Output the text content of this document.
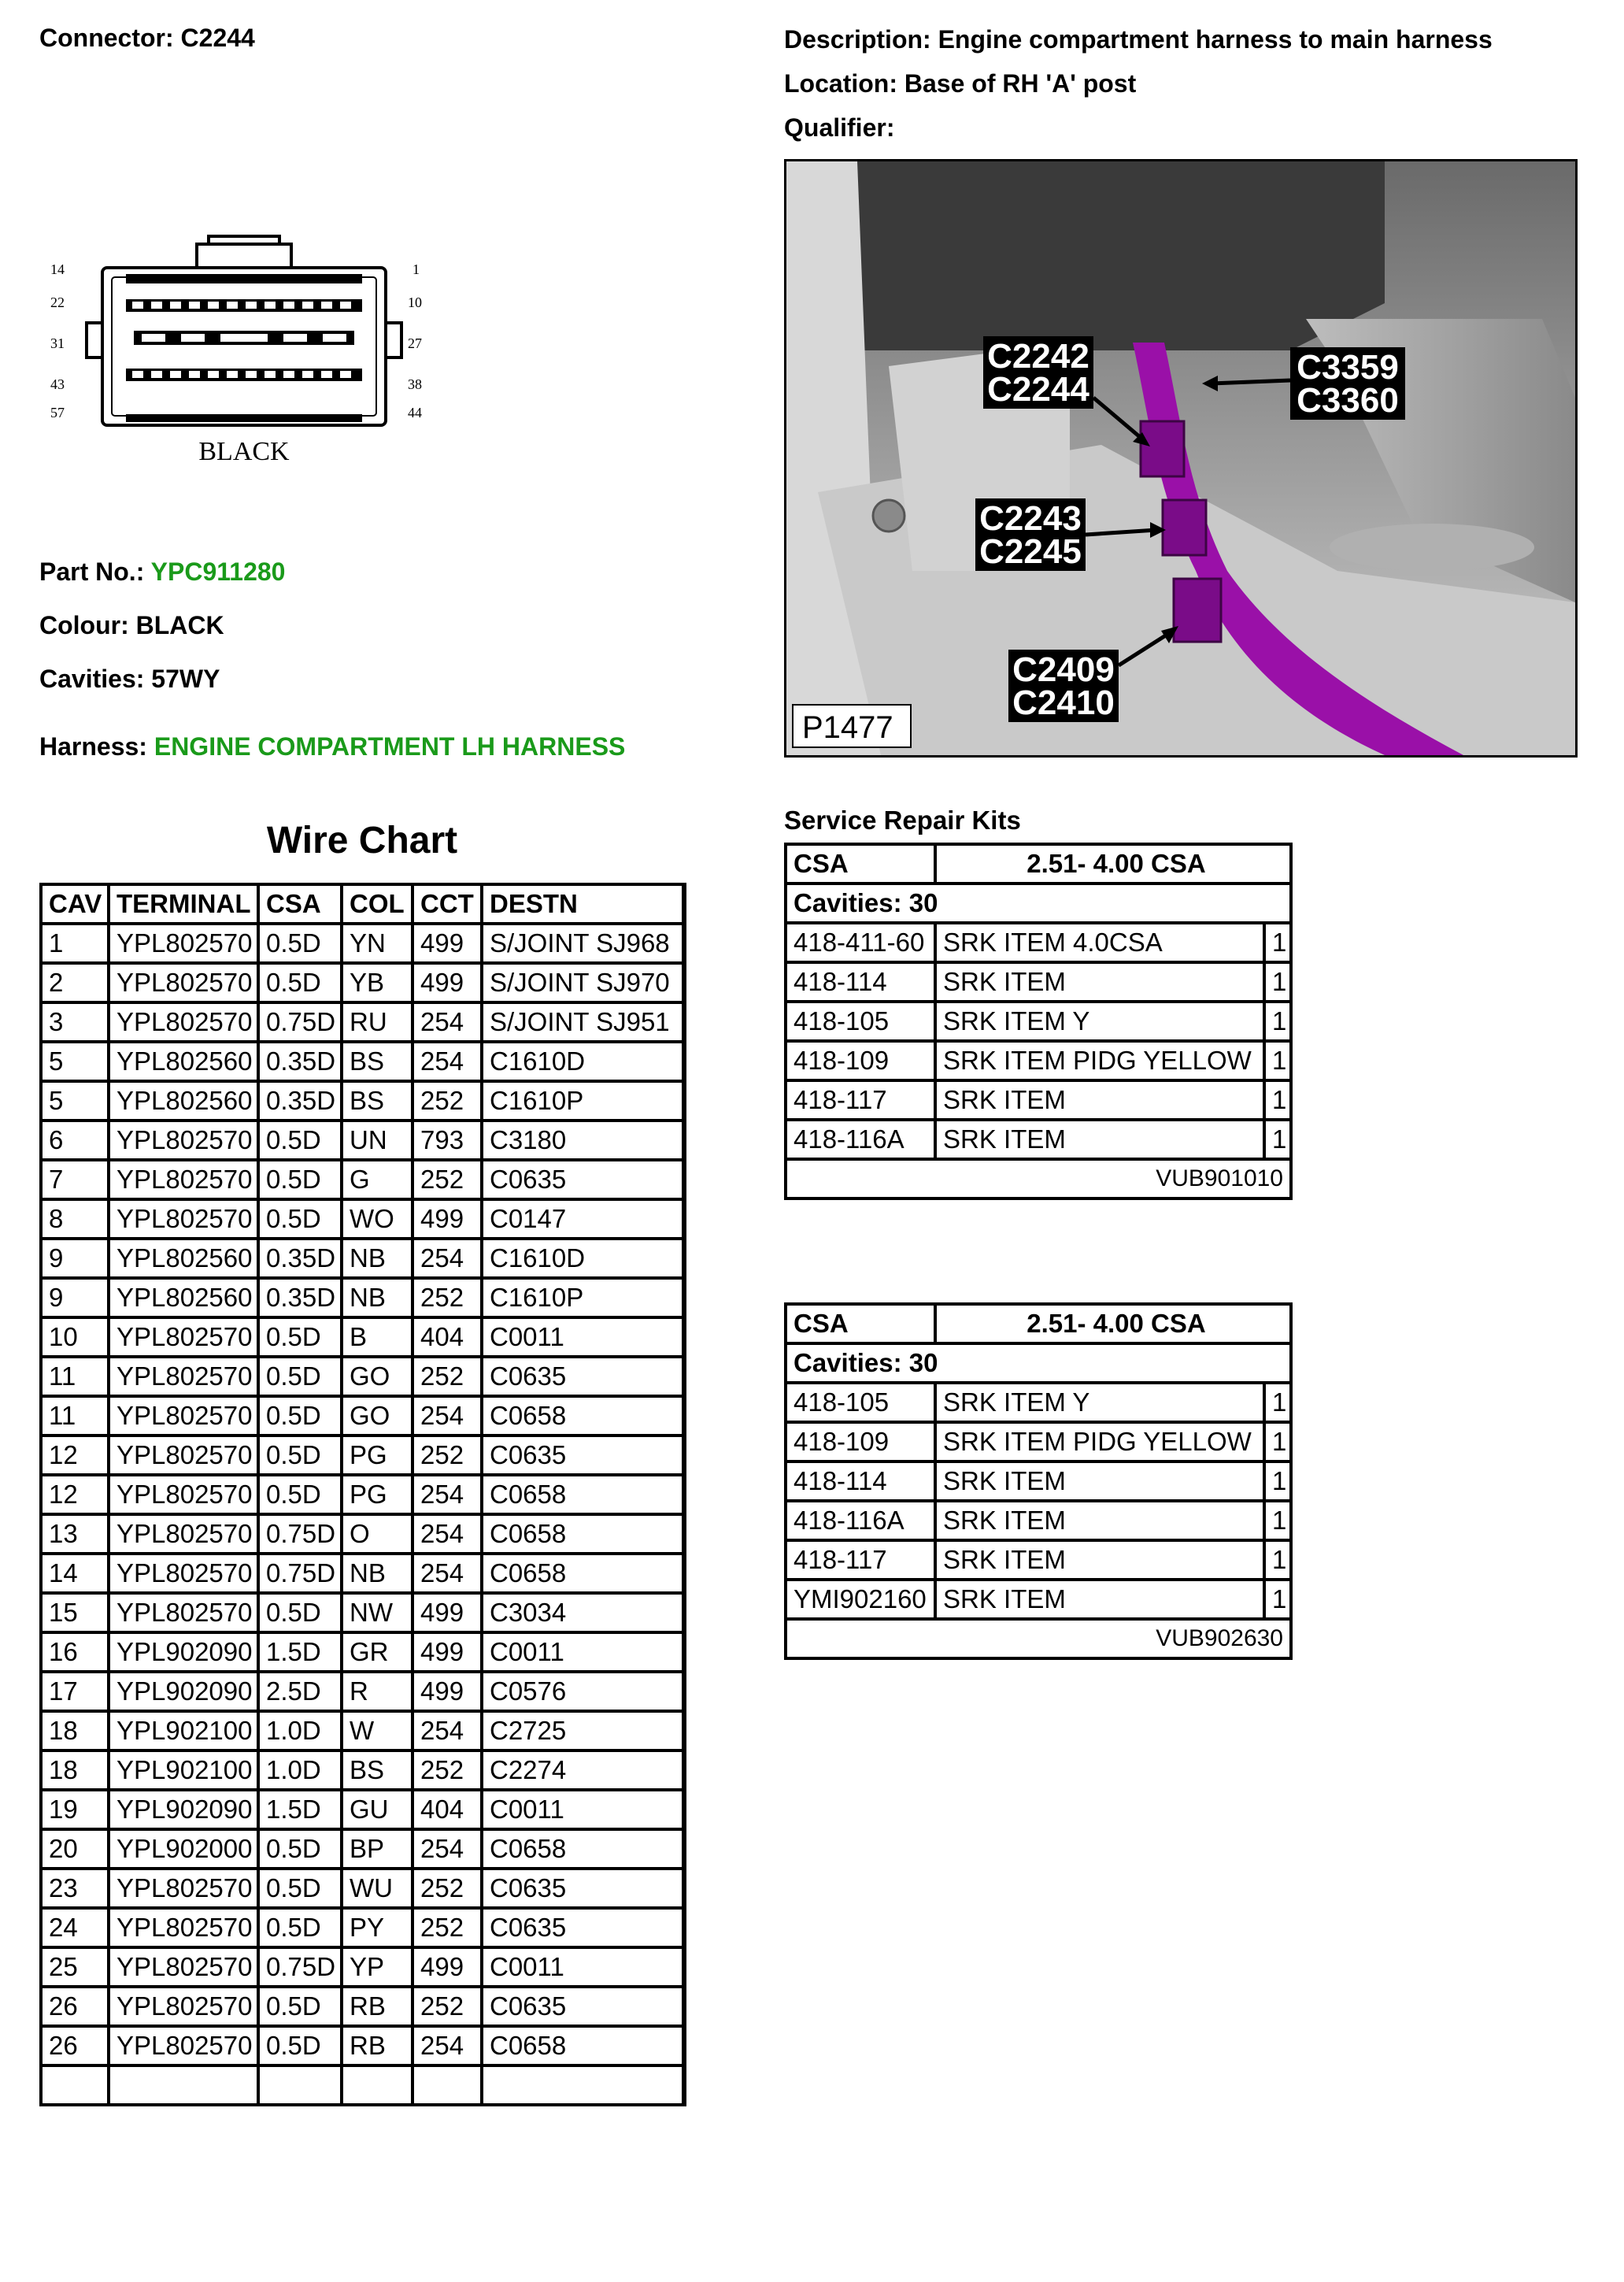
Connector: C2244	Description: Engine compartment harness to main harness
Location: Base of RH 'A' post
Qualifier:
14
22
31
43
57
1
10
27
38
44
BLACK
Part No.: YPC911280
Colour: BLACK
Cavities: 57WY
Harness: ENGINE COMPARTMENT LH HARNESS
C2242
C2244
C3359
C3360
C2243
C2245
C2409
C2410
P1477
Wire Chart
CAV	TERMINAL	CSA	COL	CCT	DESTN
1	YPL802570	0.5D	YN	499	S/JOINT SJ968
2	YPL802570	0.5D	YB	499	S/JOINT SJ970
3	YPL802570	0.75D	RU	254	S/JOINT SJ951
5	YPL802560	0.35D	BS	254	C1610D
5	YPL802560	0.35D	BS	252	C1610P
6	YPL802570	0.5D	UN	793	C3180
7	YPL802570	0.5D	G	252	C0635
8	YPL802570	0.5D	WO	499	C0147
9	YPL802560	0.35D	NB	254	C1610D
9	YPL802560	0.35D	NB	252	C1610P
10	YPL802570	0.5D	B	404	C0011
11	YPL802570	0.5D	GO	252	C0635
11	YPL802570	0.5D	GO	254	C0658
12	YPL802570	0.5D	PG	252	C0635
12	YPL802570	0.5D	PG	254	C0658
13	YPL802570	0.75D	O	254	C0658
14	YPL802570	0.75D	NB	254	C0658
15	YPL802570	0.5D	NW	499	C3034
16	YPL902090	1.5D	GR	499	C0011
17	YPL902090	2.5D	R	499	C0576
18	YPL902100	1.0D	W	254	C2725
18	YPL902100	1.0D	BS	252	C2274
19	YPL902090	1.5D	GU	404	C0011
20	YPL902000	0.5D	BP	254	C0658
23	YPL802570	0.5D	WU	252	C0635
24	YPL802570	0.5D	PY	252	C0635
25	YPL802570	0.75D	YP	499	C0011
26	YPL802570	0.5D	RB	252	C0635
26	YPL802570	0.5D	RB	254	C0658

Service Repair Kits
CSA	2.51- 4.00 CSA	
Cavities: 30		
418-411-60	SRK ITEM 4.0CSA	1
418-114	SRK ITEM	1
418-105	SRK ITEM Y	1
418-109	SRK ITEM PIDG YELLOW	1
418-117	SRK ITEM	1
418-116A	SRK ITEM	1
VUB901010		
CSA	2.51- 4.00 CSA	
Cavities: 30		
418-105	SRK ITEM Y	1
418-109	SRK ITEM PIDG YELLOW	1
418-114	SRK ITEM	1
418-116A	SRK ITEM	1
418-117	SRK ITEM	1
YMI902160	SRK ITEM	1
VUB902630		
